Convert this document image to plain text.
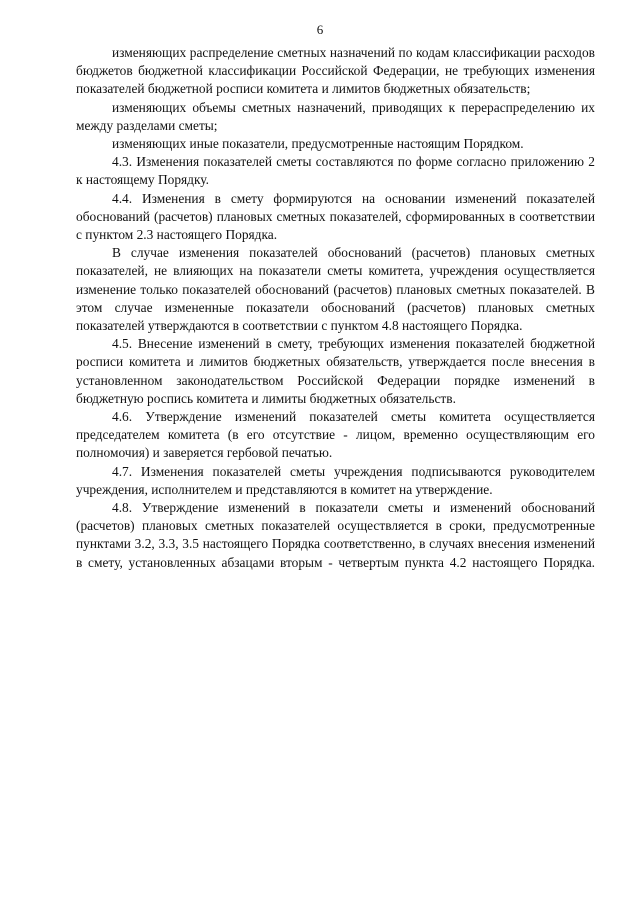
6

изменяющих распределение сметных назначений по кодам классификации расходов бюджетов бюджетной классификации Российской Федерации, не требующих изменения показателей бюджетной росписи комитета и лимитов бюджетных обязательств;

изменяющих объемы сметных назначений, приводящих к перераспределению их между разделами сметы;

изменяющих иные показатели, предусмотренные настоящим Порядком.

4.3. Изменения показателей сметы составляются по форме согласно приложению 2 к настоящему Порядку.

4.4. Изменения в смету формируются на основании изменений показателей обоснований (расчетов) плановых сметных показателей, сформированных в соответствии с пунктом 2.3 настоящего Порядка.

В случае изменения показателей обоснований (расчетов) плановых сметных показателей, не влияющих на показатели сметы комитета, учреждения осуществляется изменение только показателей обоснований (расчетов) плановых сметных показателей. В этом случае измененные показатели обоснований (расчетов) плановых сметных показателей утверждаются в соответствии с пунктом 4.8 настоящего Порядка.

4.5. Внесение изменений в смету, требующих изменения показателей бюджетной росписи комитета и лимитов бюджетных обязательств, утверждается после внесения в установленном законодательством Российской Федерации порядке изменений в бюджетную роспись комитета и лимиты бюджетных обязательств.

4.6. Утверждение изменений показателей сметы комитета осуществляется председателем комитета (в его отсутствие - лицом, временно осуществляющим его полномочия) и заверяется гербовой печатью.

4.7. Изменения показателей сметы учреждения подписываются руководителем учреждения, исполнителем и представляются в комитет на утверждение.

4.8. Утверждение изменений в показатели сметы и изменений обоснований (расчетов) плановых сметных показателей осуществляется в сроки, предусмотренные пунктами 3.2, 3.3, 3.5 настоящего Порядка соответственно, в случаях внесения изменений в смету, установленных абзацами вторым - четвертым пункта 4.2 настоящего Порядка.
